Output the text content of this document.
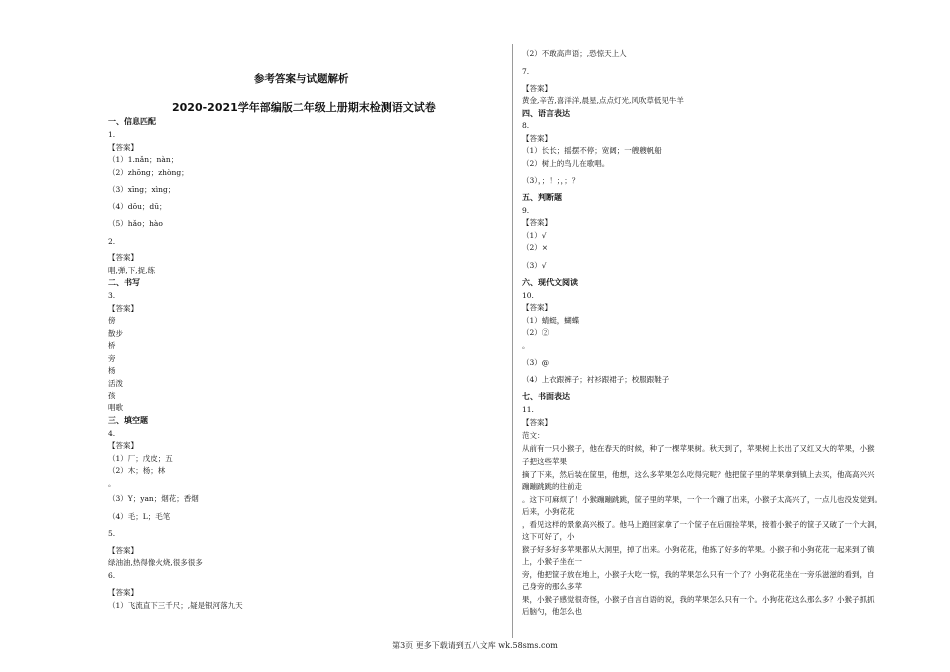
参考答案与试题解析
2020-2021学年部编版二年级上册期末检测语文试卷
一、信息匹配
1.
【答案】
（1）1.nǎn；nàn；
（2）zhōng；zhòng；
（3）xīng；xìng；
（4）dōu；dū；
（5）hǎo；hào
2.
【答案】
唱,弹,下,捉,练
二、书写
3.
【答案】
傍
散步
桥
旁
杨
活泼
孩
唱歌
三、填空题
4.
【答案】
（1）厂；戊皮；五
（2）木；杨；林
。
（3）Y；yan；烟花；香烟
（4）毛；L；毛笔
5.
【答案】
绿油油,热得像火烧,很多很多
6.
【答案】
（1）飞流直下三千尺；,疑是银河落九天
（2）不敢高声语；,恐惊天上人
7.
【答案】
黄金,辛苦,喜洋洋,晨星,点点灯光,风吹草低见牛羊
四、语言表达
8.
【答案】
（1）长长；摇摆不停；宽阔；一艘艘帆船
（2）树上的鸟儿在歌唱。
（3），；！；，；？
五、判断题
9.
【答案】
（1）√
（2）×
（3）√
六、现代文阅读
10.
【答案】
（1）蜻蜓，蝴蝶
（2）②
。
（3）@
（4）上衣跟裤子；衬衫跟裙子；校服跟鞋子
七、书面表达
11.
【答案】
范文：
从前有一只小猴子，他在春天的时候，种了一棵苹果树。秋天到了，苹果树上长出了又红又大的苹果，小猴
子把这些苹果
摘了下来，然后装在筐里，他想，这么多苹果怎么吃得完呢？他把筐子里的苹果拿到镇上去买，他高高兴兴
蹦蹦跳跳的往前走
。这下可麻烦了！小猴蹦蹦跳跳，筐子里的苹果，一个一个蹦了出来，小猴子太高兴了，一点儿也没发觉到。
后来，小狗花花
，看见这样的景象高兴极了。他马上跑回家拿了一个筐子在后面捡苹果，接着小猴子的筐子又破了一个大洞，
这下可好了，小
猴子好多好多苹果都从大洞里，掉了出来。小狗花花，他拣了好多的苹果。小猴子和小狗花花一起来到了镇
上，小猴子坐在一
旁，他把筐子放在地上，小猴子大吃一惊，我的苹果怎么只有一个了？小狗花花坐在一旁乐滋滋的看到，自
己身旁的那么多苹
果，小猴子感觉很奇怪，小猴子自言自语的说，我的苹果怎么只有一个。小狗花花这么那么多？小猴子抓抓
后脑勺，他怎么也
第3页 更多下载请到五八文库 wk.58sms.com
